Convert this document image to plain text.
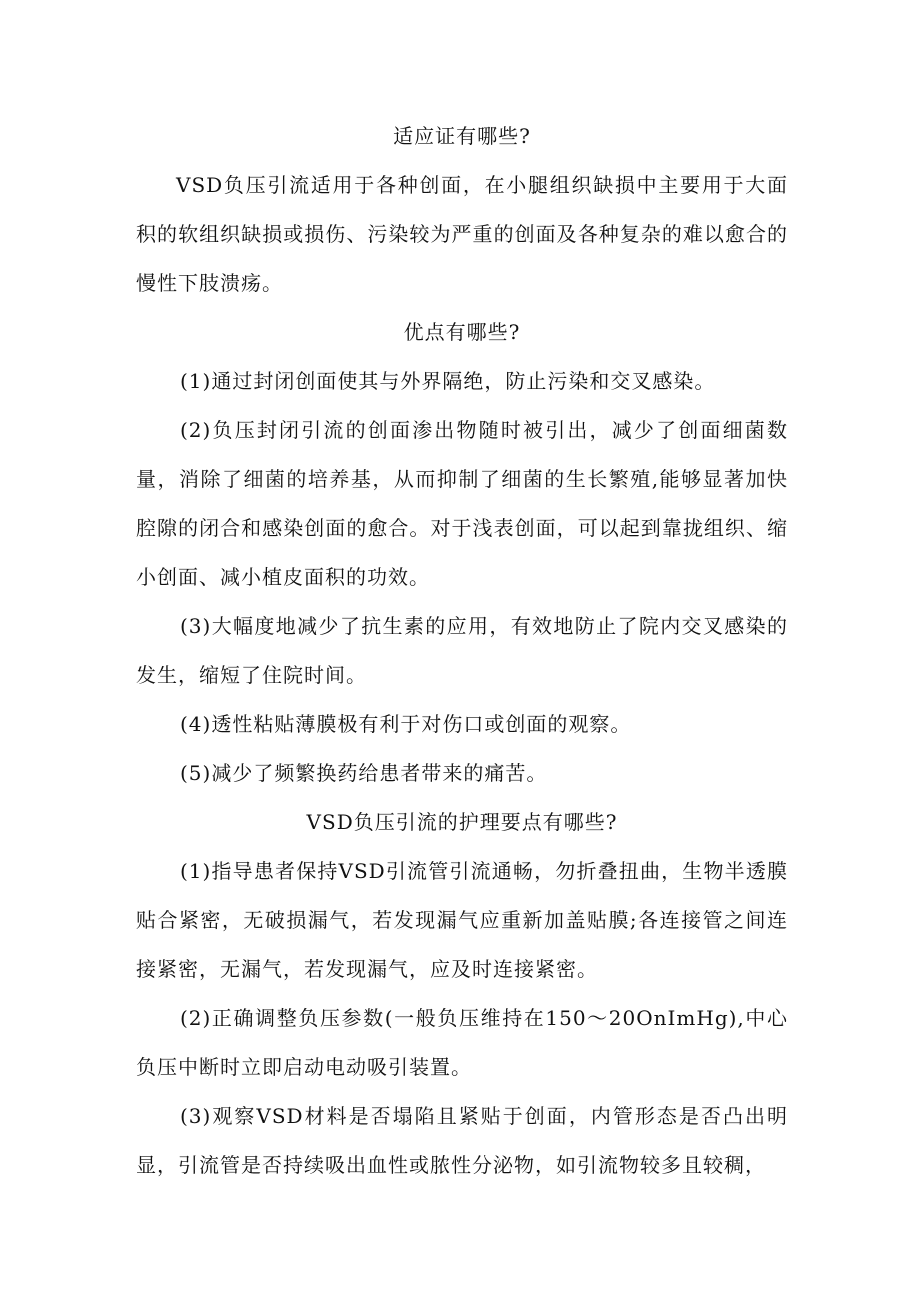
适应证有哪些?

VSD负压引流适用于各种创面，在小腿组织缺损中主要用于大面积的软组织缺损或损伤、污染较为严重的创面及各种复杂的难以愈合的慢性下肢溃疡。

优点有哪些?

(1)通过封闭创面使其与外界隔绝，防止污染和交叉感染。

(2)负压封闭引流的创面渗出物随时被引出，减少了创面细菌数量，消除了细菌的培养基，从而抑制了细菌的生长繁殖,能够显著加快腔隙的闭合和感染创面的愈合。对于浅表创面，可以起到靠拢组织、缩小创面、减小植皮面积的功效。

(3)大幅度地减少了抗生素的应用，有效地防止了院内交叉感染的发生，缩短了住院时间。

(4)透性粘贴薄膜极有利于对伤口或创面的观察。

(5)减少了频繁换药给患者带来的痛苦。

VSD负压引流的护理要点有哪些?

(1)指导患者保持VSD引流管引流通畅，勿折叠扭曲，生物半透膜贴合紧密，无破损漏气，若发现漏气应重新加盖贴膜;各连接管之间连接紧密，无漏气，若发现漏气，应及时连接紧密。

(2)正确调整负压参数(一般负压维持在150～20OnImHg),中心负压中断时立即启动电动吸引装置。

(3)观察VSD材料是否塌陷且紧贴于创面，内管形态是否凸出明显，引流管是否持续吸出血性或脓性分泌物，如引流物较多且较稠，
